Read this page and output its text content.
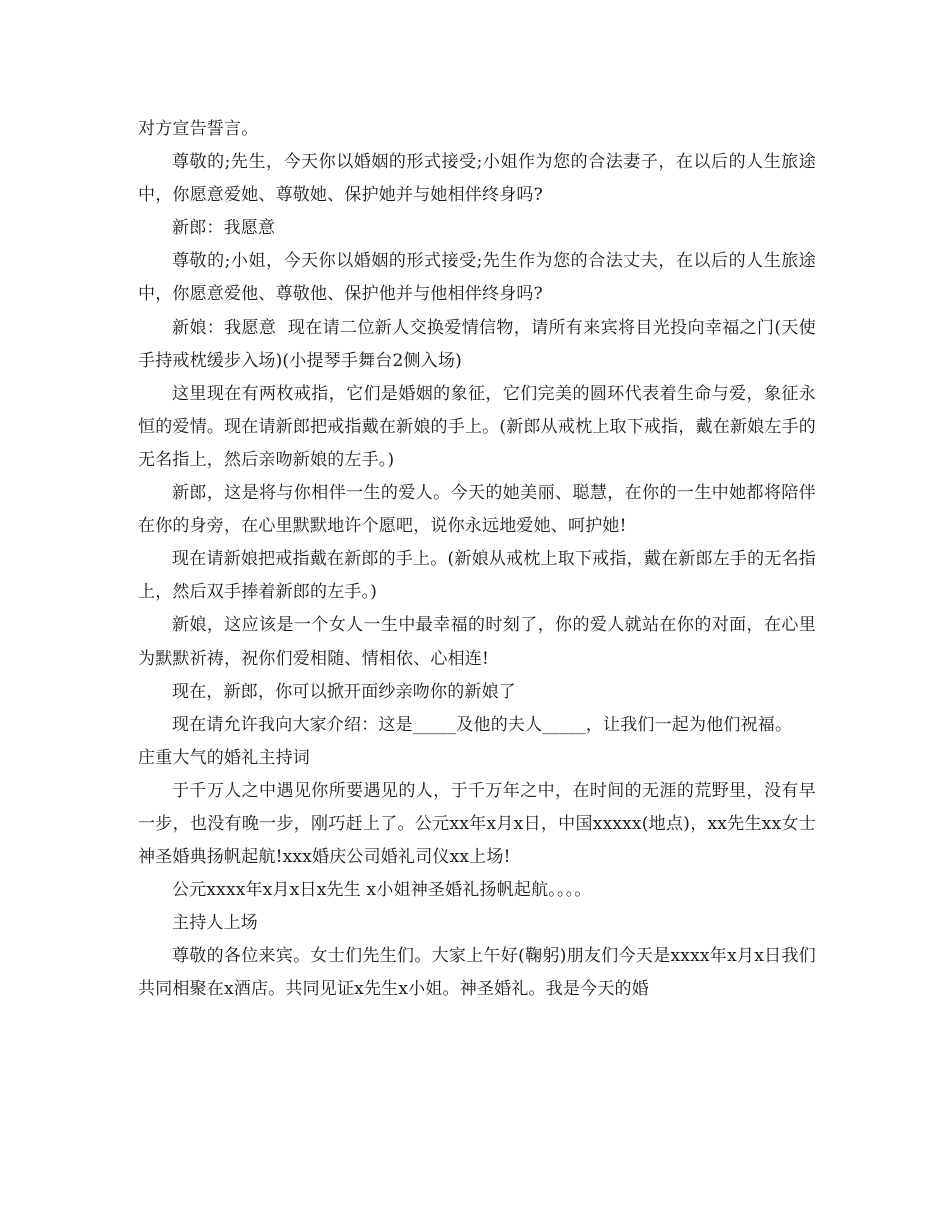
对方宣告誓言。

尊敬的;先生，今天你以婚姻的形式接受;小姐作为您的合法妻子，在以后的人生旅途中，你愿意爱她、尊敬她、保护她并与她相伴终身吗?

新郎：我愿意

尊敬的;小姐，今天你以婚姻的形式接受;先生作为您的合法丈夫，在以后的人生旅途中，你愿意爱他、尊敬他、保护他并与他相伴终身吗?

新娘：我愿意  现在请二位新人交换爱情信物，请所有来宾将目光投向幸福之门(天使手持戒枕缓步入场)(小提琴手舞台2侧入场)

这里现在有两枚戒指，它们是婚姻的象征，它们完美的圆环代表着生命与爱，象征永恒的爱情。现在请新郎把戒指戴在新娘的手上。(新郎从戒枕上取下戒指，戴在新娘左手的无名指上，然后亲吻新娘的左手。)

新郎，这是将与你相伴一生的爱人。今天的她美丽、聪慧，在你的一生中她都将陪伴在你的身旁，在心里默默地许个愿吧，说你永远地爱她、呵护她!

现在请新娘把戒指戴在新郎的手上。(新娘从戒枕上取下戒指，戴在新郎左手的无名指上，然后双手捧着新郎的左手。)

新娘，这应该是一个女人一生中最幸福的时刻了，你的爱人就站在你的对面，在心里为默默祈祷，祝你们爱相随、情相依、心相连!

现在，新郎，你可以掀开面纱亲吻你的新娘了

现在请允许我向大家介绍：这是_____及他的夫人_____，让我们一起为他们祝福。

庄重大气的婚礼主持词

于千万人之中遇见你所要遇见的人，于千万年之中，在时间的无涯的荒野里，没有早一步，也没有晚一步，刚巧赶上了。公元xx年x月x日，中国xxxxx(地点)，xx先生xx女士神圣婚典扬帆起航!xxx婚庆公司婚礼司仪xx上场!

公元xxxx年x月x日x先生 x小姐神圣婚礼扬帆起航。。。。

主持人上场

尊敬的各位来宾。女士们先生们。大家上午好(鞠躬)朋友们今天是xxxx年x月x日我们共同相聚在x酒店。共同见证x先生x小姐。神圣婚礼。我是今天的婚
